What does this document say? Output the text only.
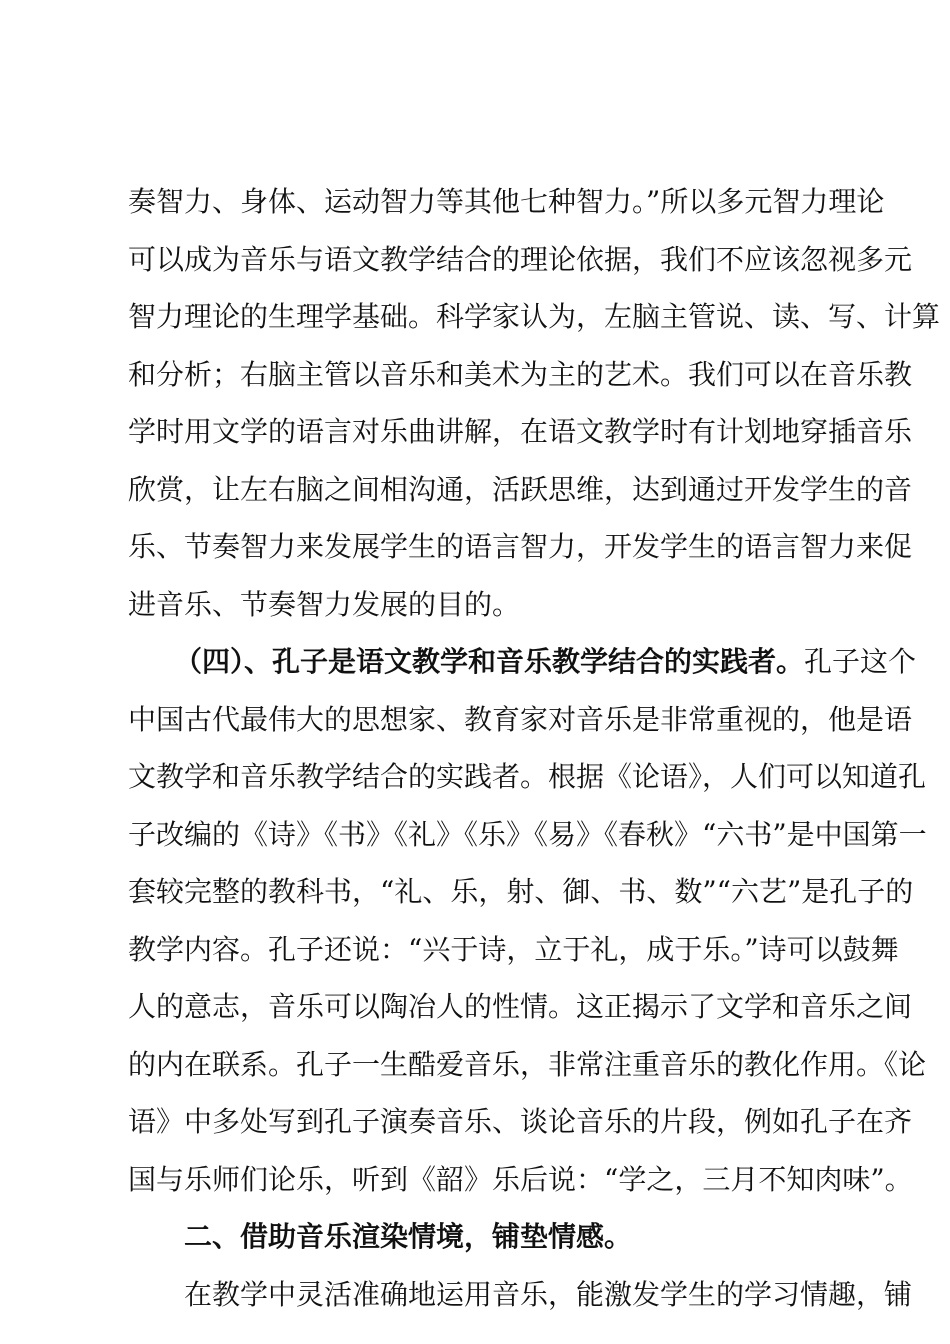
奏智力、身体、运动智力等其他七种智力。”所以多元智力理论
可以成为音乐与语文教学结合的理论依据，我们不应该忽视多元
智力理论的生理学基础。科学家认为，左脑主管说、读、写、计算
和分析；右脑主管以音乐和美术为主的艺术。我们可以在音乐教
学时用文学的语言对乐曲讲解，在语文教学时有计划地穿插音乐
欣赏，让左右脑之间相沟通，活跃思维，达到通过开发学生的音
乐、节奏智力来发展学生的语言智力，开发学生的语言智力来促
进音乐、节奏智力发展的目的。
（四）、孔子是语文教学和音乐教学结合的实践者。 孔子这个
中国古代最伟大的思想家、教育家对音乐是非常重视的，他是语
文教学和音乐教学结合的实践者。根据《论语》，人们可以知道孔
子改编的《诗》《书》《礼》《乐》《易》《春秋》“六书”是中国第一
套较完整的教科书，“礼、乐，射、御、书、数”“六艺”是孔子的
教学内容。孔子还说：“兴于诗，立于礼，成于乐。”诗可以鼓舞
人的意志，音乐可以陶冶人的性情。这正揭示了文学和音乐之间
的内在联系。孔子一生酷爱音乐，非常注重音乐的教化作用。《论
语》中多处写到孔子演奏音乐、谈论音乐的片段，例如孔子在齐
国与乐师们论乐，听到《韶》乐后说：“学之，三月不知肉味”。
二、借助音乐渲染情境，铺垫情感。
在教学中灵活准确地运用音乐，能激发学生的学习情趣，铺
